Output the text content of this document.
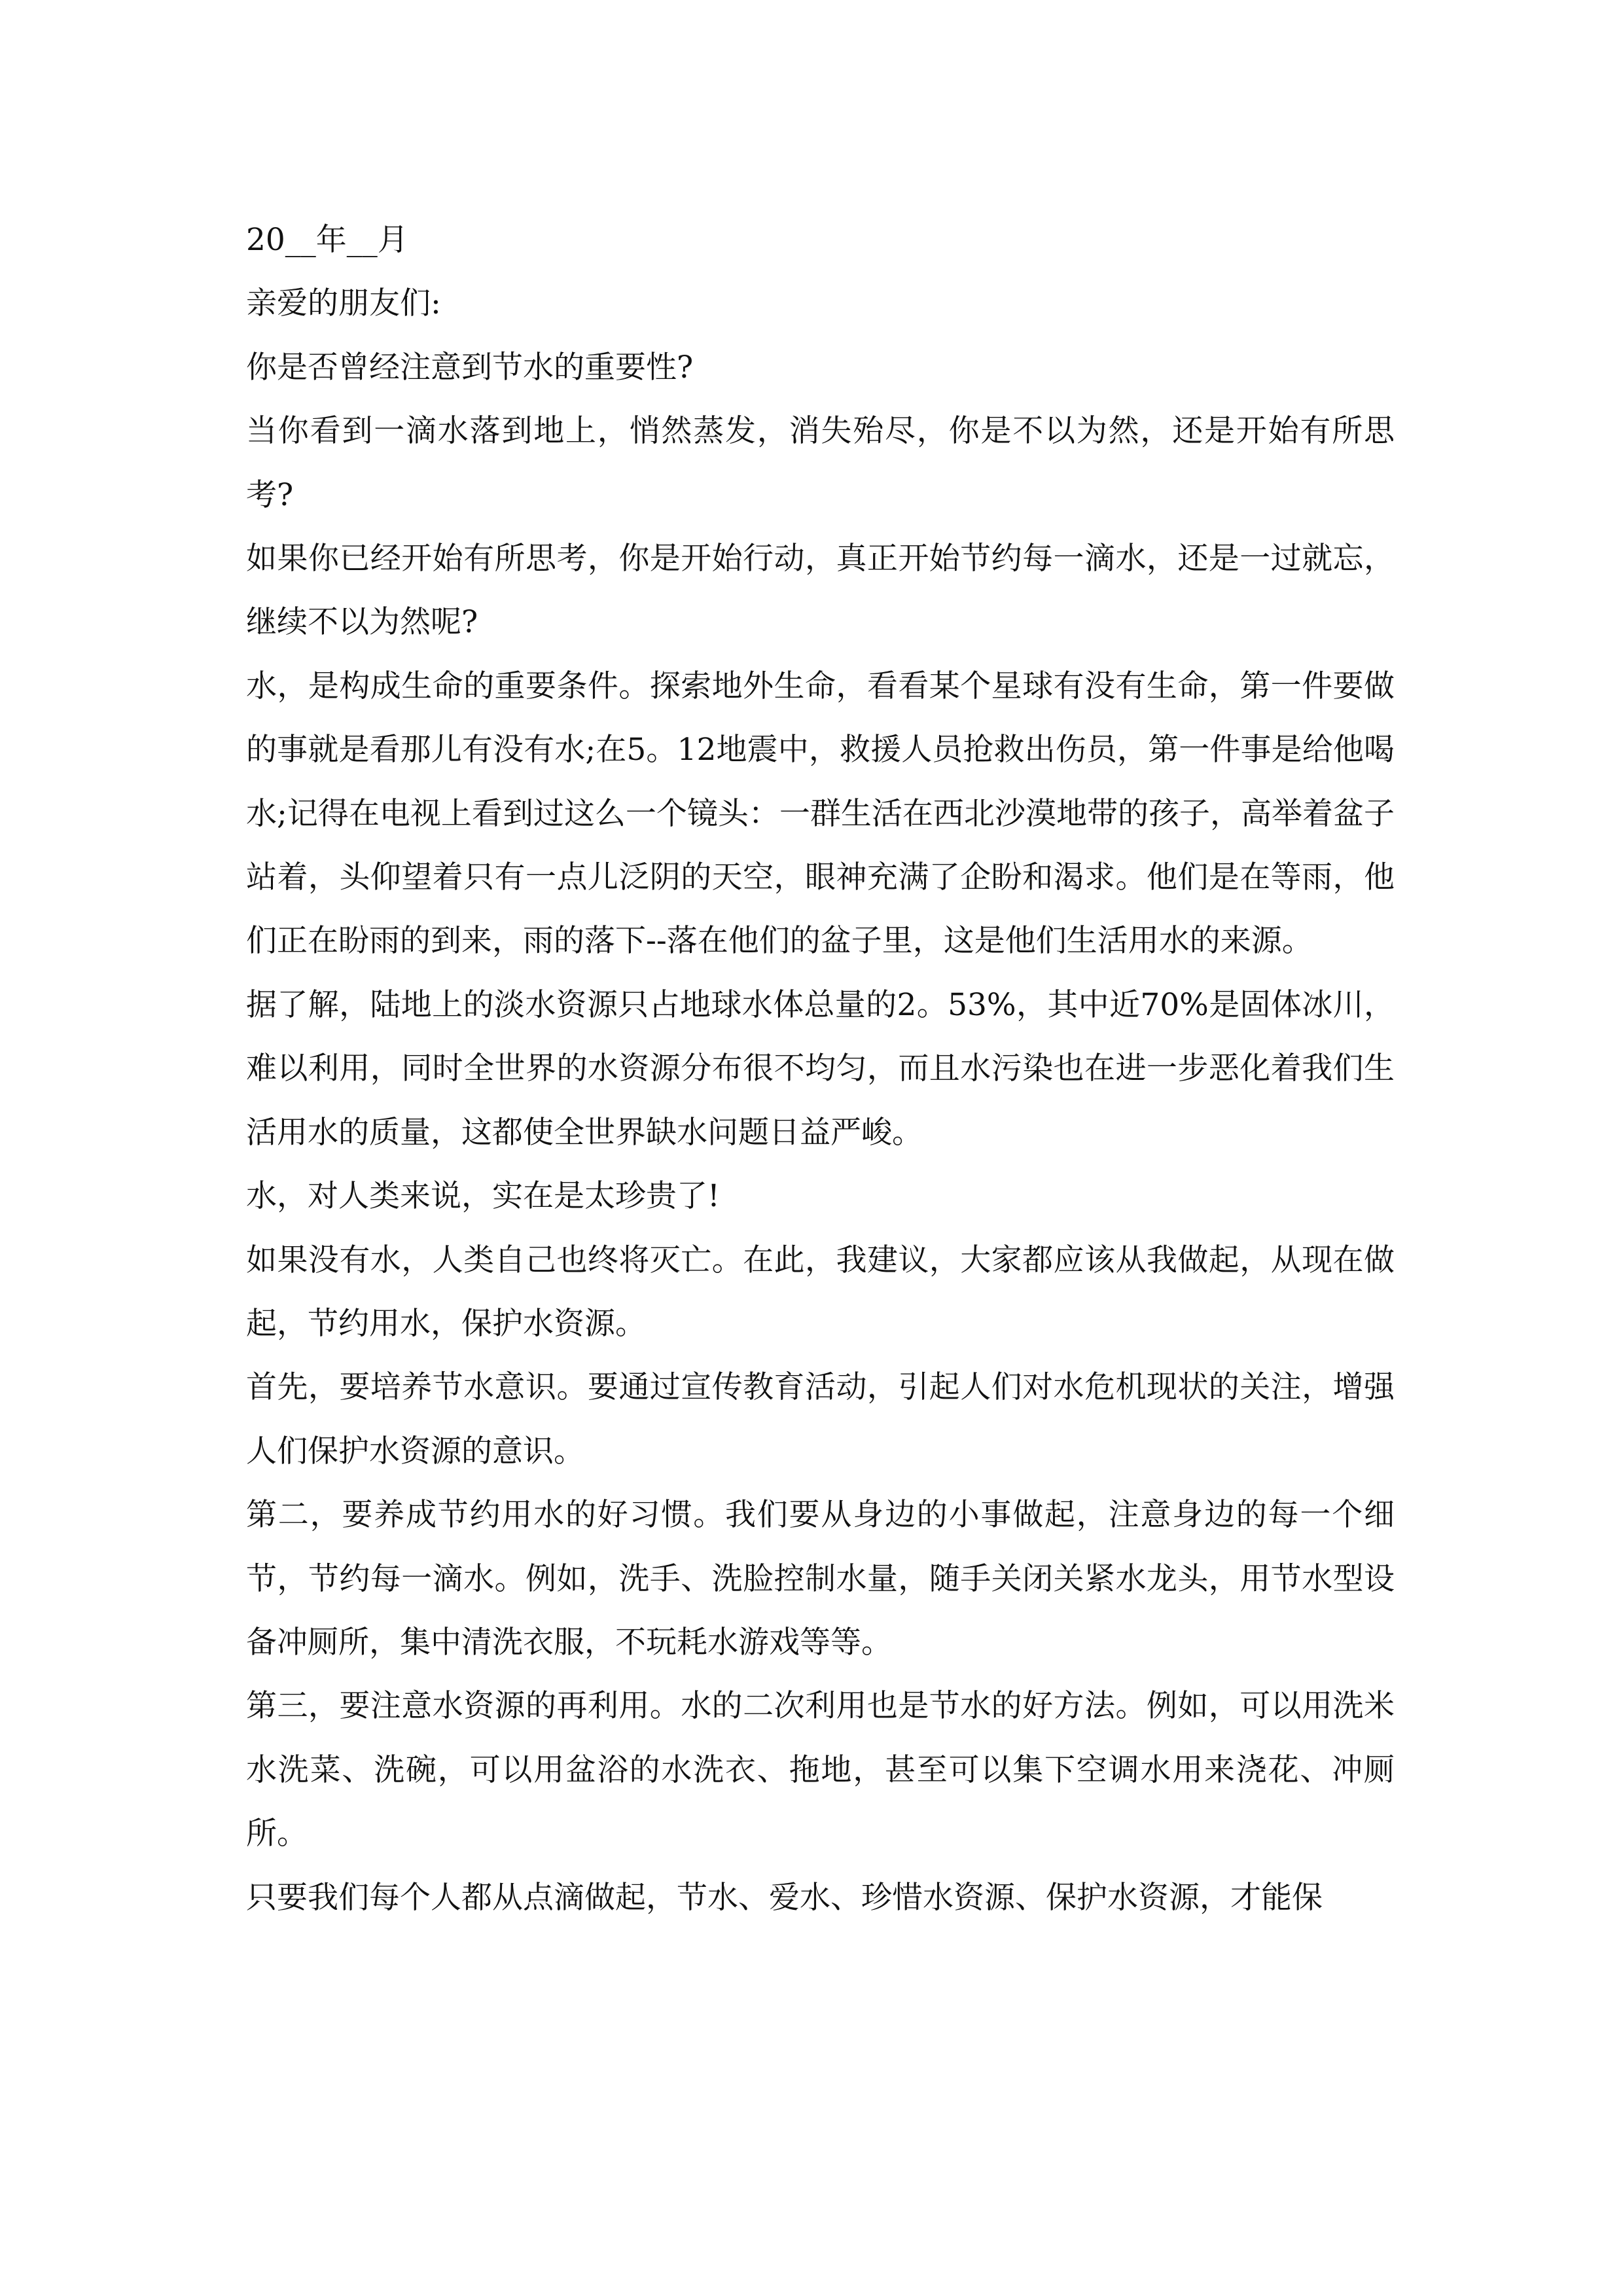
20__年__月

亲爱的朋友们:

你是否曾经注意到节水的重要性?

当你看到一滴水落到地上，悄然蒸发，消失殆尽，你是不以为然，还是开始有所思考?

如果你已经开始有所思考，你是开始行动，真正开始节约每一滴水，还是一过就忘，继续不以为然呢?

水，是构成生命的重要条件。探索地外生命，看看某个星球有没有生命，第一件要做的事就是看那儿有没有水;在5。12地震中，救援人员抢救出伤员，第一件事是给他喝水;记得在电视上看到过这么一个镜头：一群生活在西北沙漠地带的孩子，高举着盆子站着，头仰望着只有一点儿泛阴的天空，眼神充满了企盼和渴求。他们是在等雨，他们正在盼雨的到来，雨的落下--落在他们的盆子里，这是他们生活用水的来源。

据了解，陆地上的淡水资源只占地球水体总量的2。53%，其中近70%是固体冰川，难以利用，同时全世界的水资源分布很不均匀，而且水污染也在进一步恶化着我们生活用水的质量，这都使全世界缺水问题日益严峻。

水，对人类来说，实在是太珍贵了!

如果没有水，人类自己也终将灭亡。在此，我建议，大家都应该从我做起，从现在做起，节约用水，保护水资源。

首先，要培养节水意识。要通过宣传教育活动，引起人们对水危机现状的关注，增强人们保护水资源的意识。

第二，要养成节约用水的好习惯。我们要从身边的小事做起，注意身边的每一个细节，节约每一滴水。例如，洗手、洗脸控制水量，随手关闭关紧水龙头，用节水型设备冲厕所，集中清洗衣服，不玩耗水游戏等等。

第三，要注意水资源的再利用。水的二次利用也是节水的好方法。例如，可以用洗米水洗菜、洗碗，可以用盆浴的水洗衣、拖地，甚至可以集下空调水用来浇花、冲厕所。

只要我们每个人都从点滴做起，节水、爱水、珍惜水资源、保护水资源，才能保
